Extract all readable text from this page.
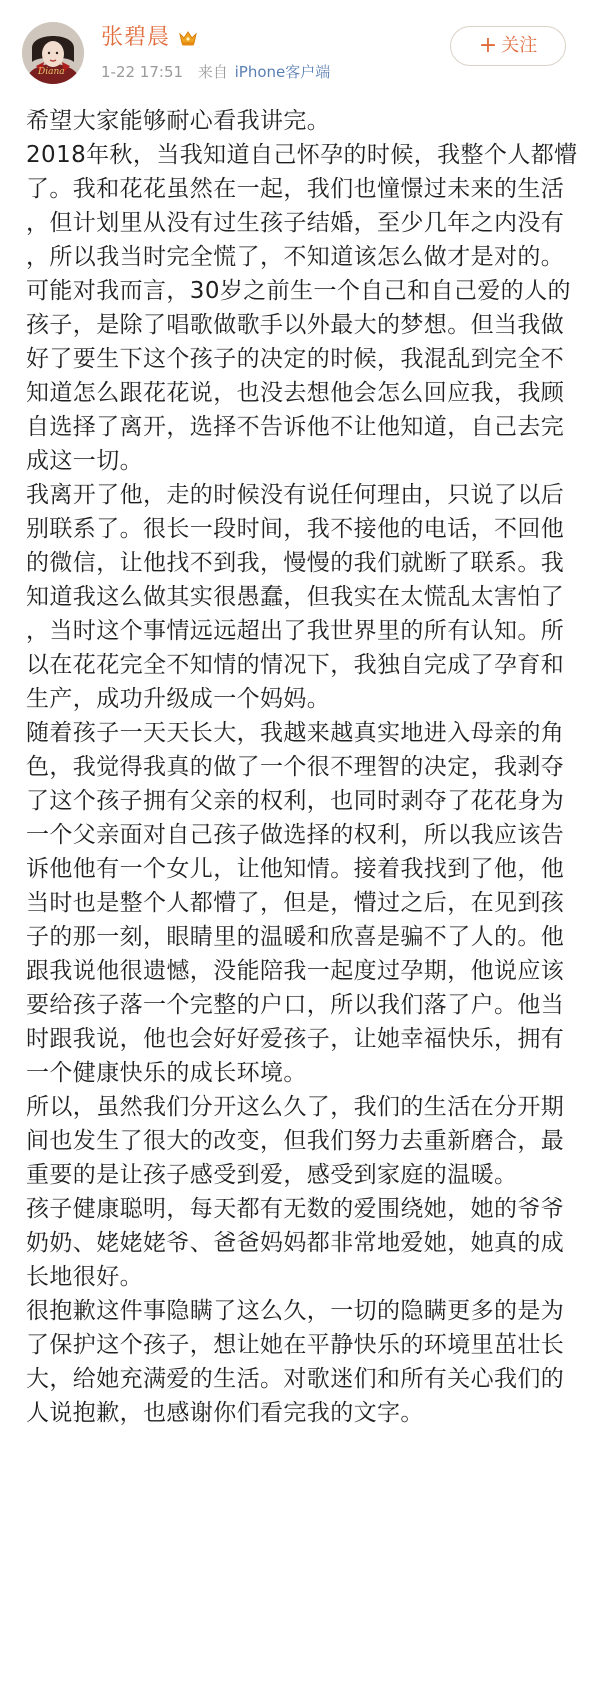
Diana
张碧晨
1-22 17:51 来自 iPhone客户端
+ 关注

希望大家能够耐心看我讲完。

2018年秋，当我知道自己怀孕的时候，我整个人都懵了。我和花花虽然在一起，我们也憧憬过未来的生活，但计划里从没有过生孩子结婚，至少几年之内没有，所以我当时完全慌了，不知道该怎么做才是对的。可能对我而言，30岁之前生一个自己和自己爱的人的孩子，是除了唱歌做歌手以外最大的梦想。但当我做好了要生下这个孩子的决定的时候，我混乱到完全不知道怎么跟花花说，也没去想他会怎么回应我，我顾自选择了离开，选择不告诉他不让他知道，自己去完成这一切。

我离开了他，走的时候没有说任何理由，只说了以后别联系了。很长一段时间，我不接他的电话，不回他的微信，让他找不到我，慢慢的我们就断了联系。我知道我这么做其实很愚蠢，但我实在太慌乱太害怕了，当时这个事情远远超出了我世界里的所有认知。所以在花花完全不知情的情况下，我独自完成了孕育和生产，成功升级成一个妈妈。

随着孩子一天天长大，我越来越真实地进入母亲的角色，我觉得我真的做了一个很不理智的决定，我剥夺了这个孩子拥有父亲的权利，也同时剥夺了花花身为一个父亲面对自己孩子做选择的权利，所以我应该告诉他他有一个女儿，让他知情。接着我找到了他，他当时也是整个人都懵了，但是，懵过之后，在见到孩子的那一刻，眼睛里的温暖和欣喜是骗不了人的。他跟我说他很遗憾，没能陪我一起度过孕期，他说应该要给孩子落一个完整的户口，所以我们落了户。他当时跟我说，他也会好好爱孩子，让她幸福快乐，拥有一个健康快乐的成长环境。

所以，虽然我们分开这么久了，我们的生活在分开期间也发生了很大的改变，但我们努力去重新磨合，最重要的是让孩子感受到爱，感受到家庭的温暖。

孩子健康聪明，每天都有无数的爱围绕她，她的爷爷奶奶、姥姥姥爷、爸爸妈妈都非常地爱她，她真的成长地很好。

很抱歉这件事隐瞒了这么久，一切的隐瞒更多的是为了保护这个孩子，想让她在平静快乐的环境里茁壮长大，给她充满爱的生活。对歌迷们和所有关心我们的人说抱歉，也感谢你们看完我的文字。
